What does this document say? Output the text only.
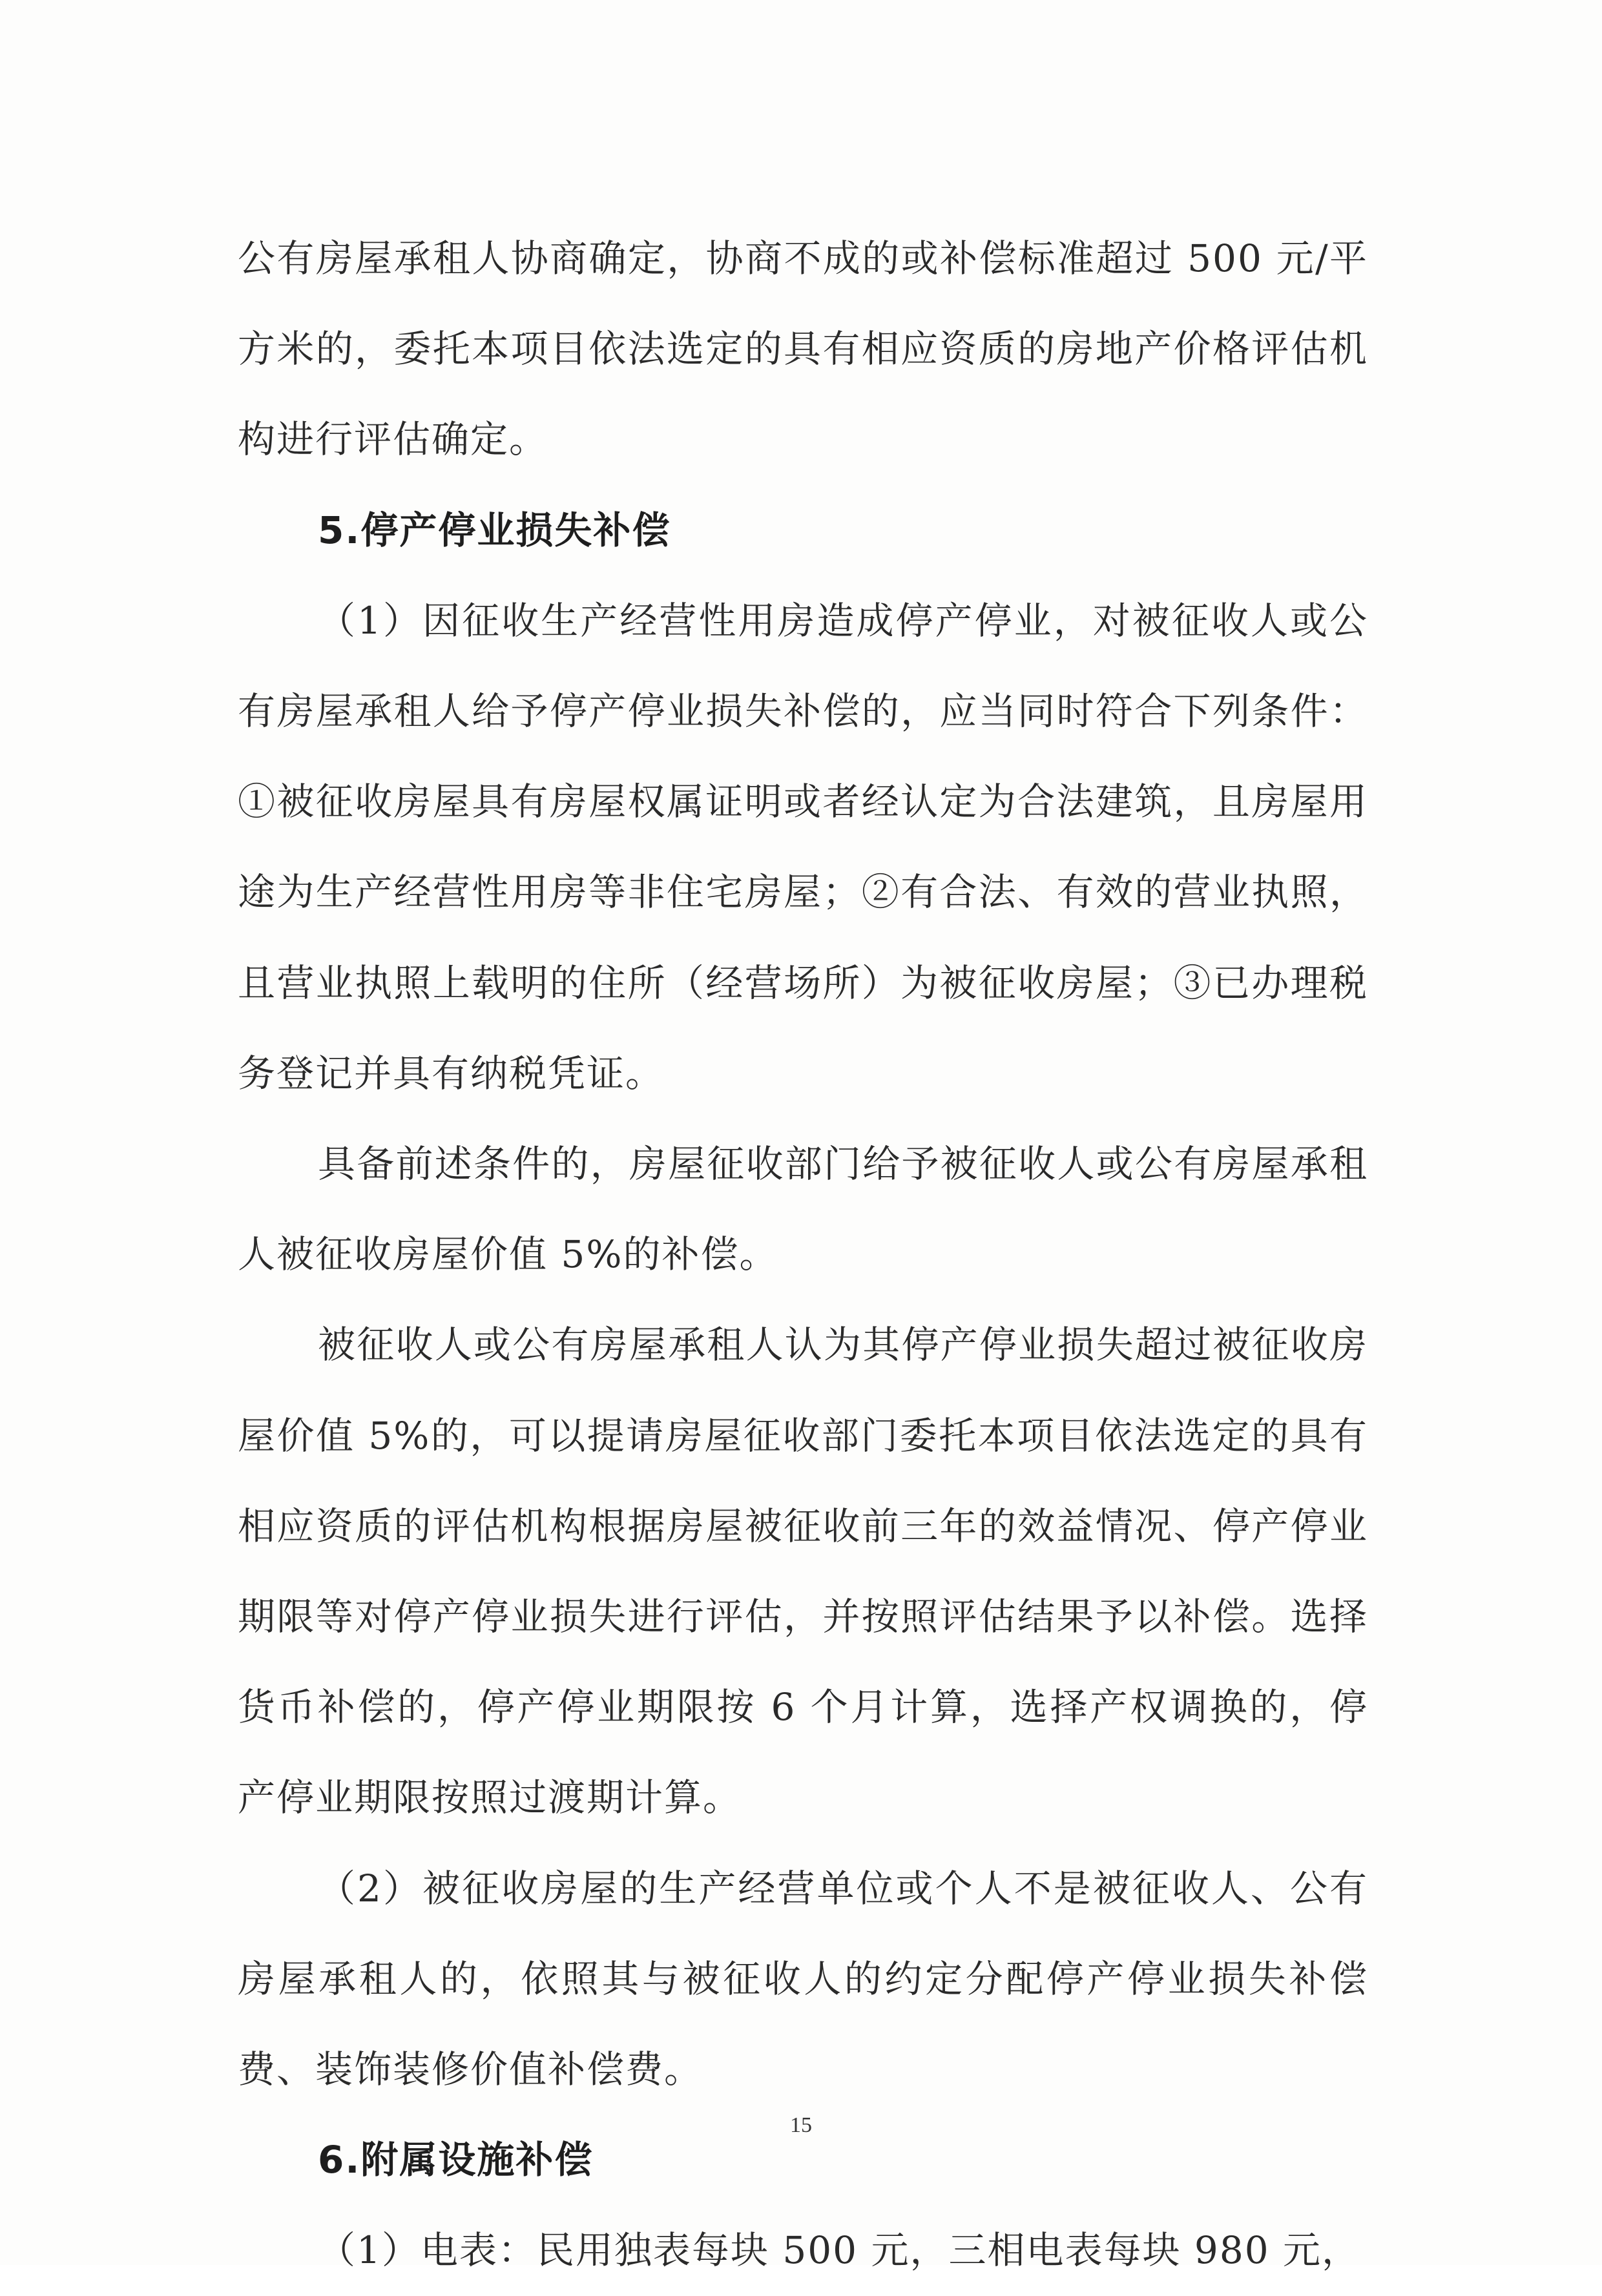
公有房屋承租人协商确定，协商不成的或补偿标准超过 500 元/平方米的，委托本项目依法选定的具有相应资质的房地产价格评估机构进行评估确定。

5.停产停业损失补偿

（1）因征收生产经营性用房造成停产停业，对被征收人或公有房屋承租人给予停产停业损失补偿的，应当同时符合下列条件：①被征收房屋具有房屋权属证明或者经认定为合法建筑，且房屋用途为生产经营性用房等非住宅房屋；②有合法、有效的营业执照，且营业执照上载明的住所（经营场所）为被征收房屋；③已办理税务登记并具有纳税凭证。

具备前述条件的，房屋征收部门给予被征收人或公有房屋承租人被征收房屋价值 5%的补偿。

被征收人或公有房屋承租人认为其停产停业损失超过被征收房屋价值 5%的，可以提请房屋征收部门委托本项目依法选定的具有相应资质的评估机构根据房屋被征收前三年的效益情况、停产停业期限等对停产停业损失进行评估，并按照评估结果予以补偿。选择货币补偿的，停产停业期限按 6 个月计算，选择产权调换的，停产停业期限按照过渡期计算。

（2）被征收房屋的生产经营单位或个人不是被征收人、公有房屋承租人的，依照其与被征收人的约定分配停产停业损失补偿费、装饰装修价值补偿费。

6.附属设施补偿

（1）电表：民用独表每块 500 元，三相电表每块 980 元，

15
